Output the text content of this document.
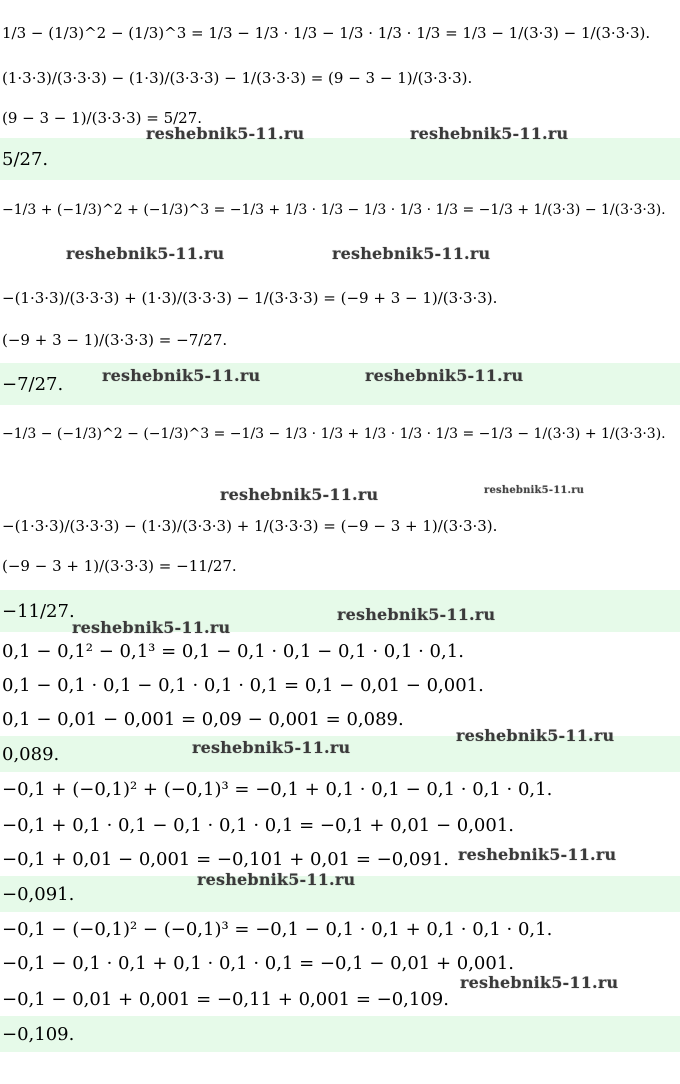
1/3 − (1/3)^2 − (1/3)^3 = 1/3 − 1/3 · 1/3 − 1/3 · 1/3 · 1/3 = 1/3 − 1/(3·3) − 1/(3·3·3).
(1·3·3)/(3·3·3) − (1·3)/(3·3·3) − 1/(3·3·3) = (9 − 3 − 1)/(3·3·3).
(9 − 3 − 1)/(3·3·3) = 5/27.
5/27.
−1/3 + (−1/3)^2 + (−1/3)^3 = −1/3 + 1/3 · 1/3 − 1/3 · 1/3 · 1/3 = −1/3 + 1/(3·3) − 1/(3·3·3).
−(1·3·3)/(3·3·3) + (1·3)/(3·3·3) − 1/(3·3·3) = (−9 + 3 − 1)/(3·3·3).
(−9 + 3 − 1)/(3·3·3) = −7/27.
−7/27.
−1/3 − (−1/3)^2 − (−1/3)^3 = −1/3 − 1/3 · 1/3 + 1/3 · 1/3 · 1/3 = −1/3 − 1/(3·3) + 1/(3·3·3).
−(1·3·3)/(3·3·3) − (1·3)/(3·3·3) + 1/(3·3·3) = (−9 − 3 + 1)/(3·3·3).
(−9 − 3 + 1)/(3·3·3) = −11/27.
−11/27.
0,1 − 0,1² − 0,1³ = 0,1 − 0,1 · 0,1 − 0,1 · 0,1 · 0,1.
0,1 − 0,1 · 0,1 − 0,1 · 0,1 · 0,1 = 0,1 − 0,01 − 0,001.
0,1 − 0,01 − 0,001 = 0,09 − 0,001 = 0,089.
0,089.
−0,1 + (−0,1)² + (−0,1)³ = −0,1 + 0,1 · 0,1 − 0,1 · 0,1 · 0,1.
−0,1 + 0,1 · 0,1 − 0,1 · 0,1 · 0,1 = −0,1 + 0,01 − 0,001.
−0,1 + 0,01 − 0,001 = −0,101 + 0,01 = −0,091.
−0,091.
−0,1 − (−0,1)² − (−0,1)³ = −0,1 − 0,1 · 0,1 + 0,1 · 0,1 · 0,1.
−0,1 − 0,1 · 0,1 + 0,1 · 0,1 · 0,1 = −0,1 − 0,01 + 0,001.
−0,1 − 0,01 + 0,001 = −0,11 + 0,001 = −0,109.
−0,109.
reshebnik5-11.ru	reshebnik5-11.ru
reshebnik5-11.ru	reshebnik5-11.ru
reshebnik5-11.ru	reshebnik5-11.ru
reshebnik5-11.ru	reshebnik5-11.ru
reshebnik5-11.ru
reshebnik5-11.ru
reshebnik5-11.ru
reshebnik5-11.ru
reshebnik5-11.ru
reshebnik5-11.ru
reshebnik5-11.ru
